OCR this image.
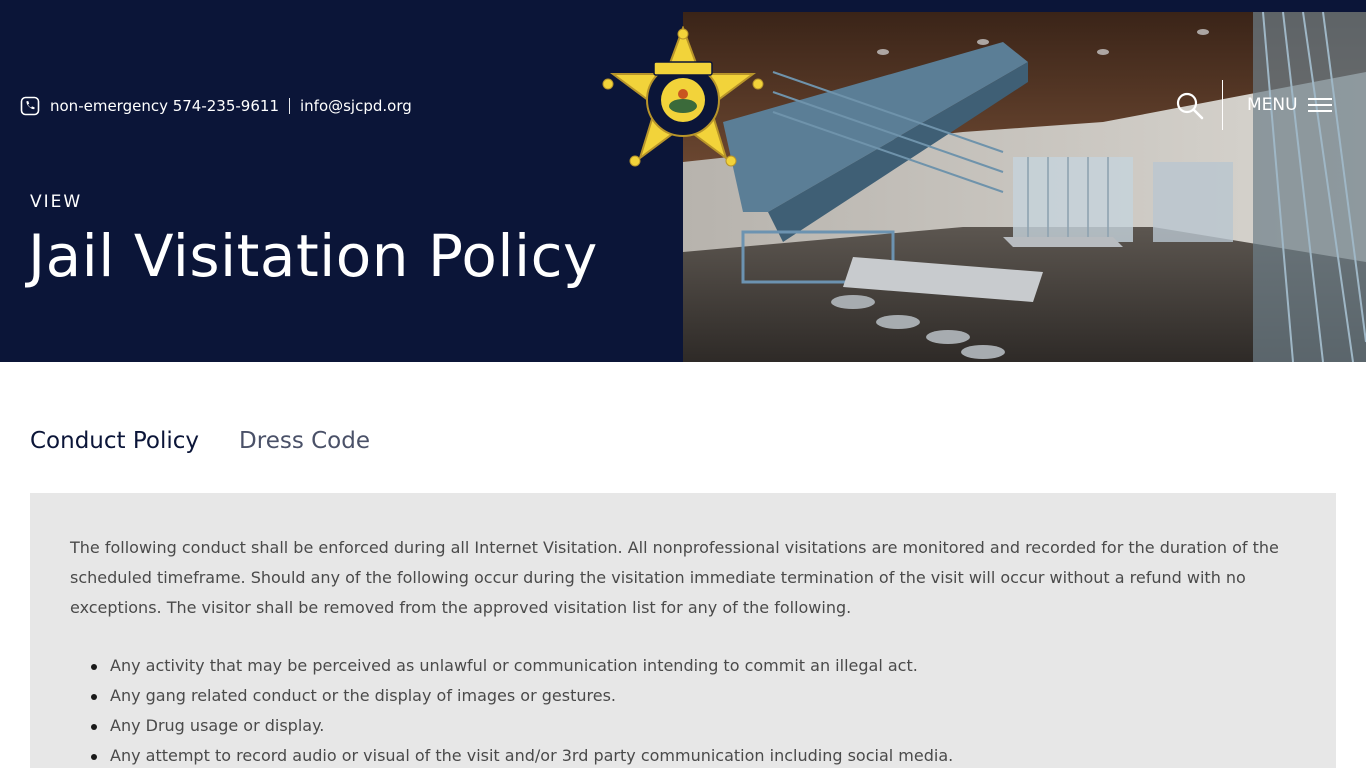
VIEW
Jail Visitation Policy
non-emergency 574-235-9611 info@sjcpd.org	MENU
Conduct Policy Dress Code

The following conduct shall be enforced during all Internet Visitation. All nonprofessional visitations are monitored and recorded for the duration of the scheduled timeframe. Should any of the following occur during the visitation immediate termination of the visit will occur without a refund with no exceptions. The visitor shall be removed from the approved visitation list for any of the following.

Any activity that may be perceived as unlawful or communication intending to commit an illegal act.
Any gang related conduct or the display of images or gestures.
Any Drug usage or display.
Any attempt to record audio or visual of the visit and/or 3rd party communication including social media.
